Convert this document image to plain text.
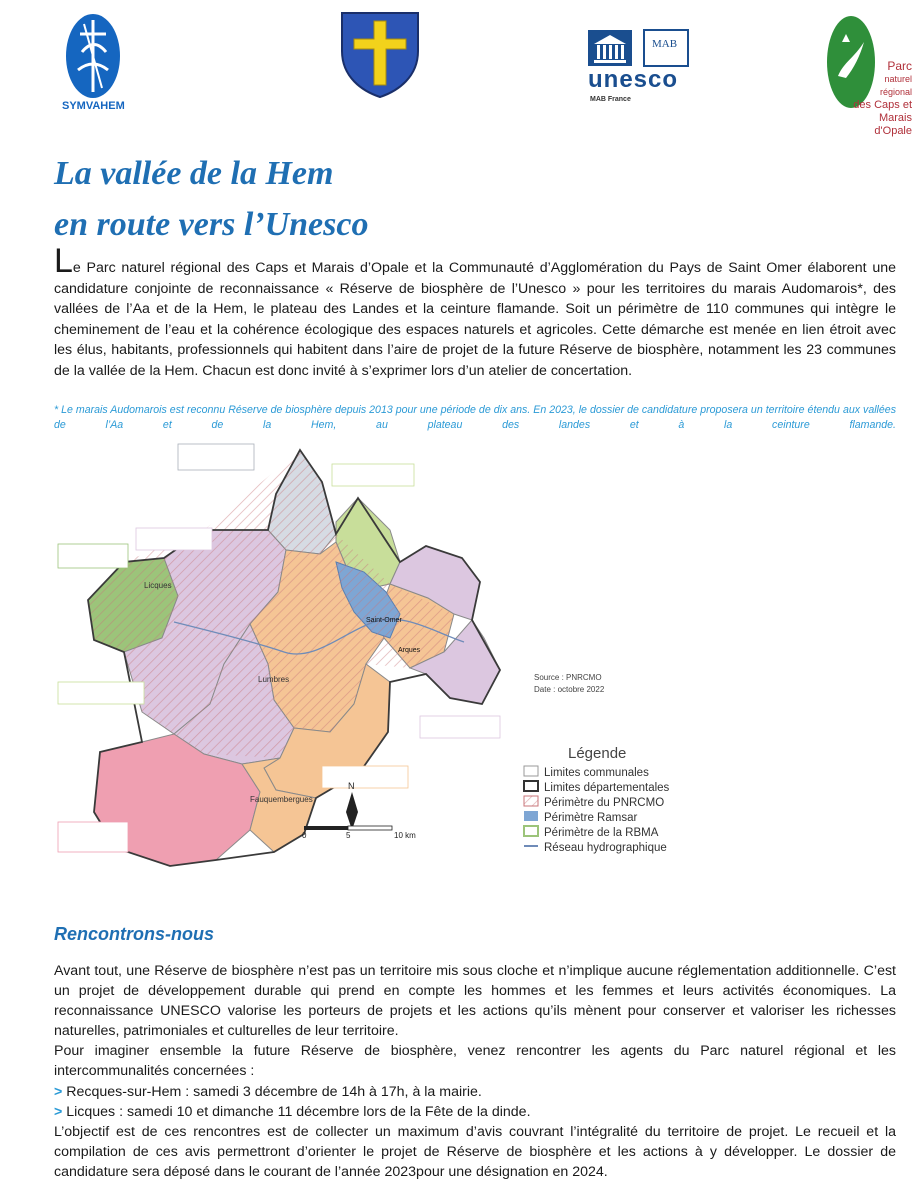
SYMVAHEM
MAB
unesco
MAB France
Parc
naturel
régional
des Caps et
Marais d'Opale
La vallée de la Hem
en route vers l’Unesco

Le Parc naturel régional des Caps et Marais d’Opale et la Communauté d’Agglomération du Pays de Saint Omer élaborent une candidature conjointe de reconnaissance « Réserve de biosphère de l’Unesco » pour les territoires du marais Audomarois*, des vallées de l’Aa et de la Hem, le plateau des Landes et la ceinture flamande. Soit un périmètre de 110 communes qui intègre le cheminement de l’eau et la cohérence écologique des espaces naturels et agricoles. Cette démarche est menée en lien étroit avec les élus, habitants, professionnels qui habitent dans l’aire de projet de la future Réserve de biosphère, notamment les 23 communes de la vallée de la Hem. Chacun est donc invité à s’exprimer lors d’un atelier de concertation.

* Le marais Audomarois est reconnu Réserve de biosphère depuis 2013 pour une période de dix ans. En 2023, le dossier de candidature proposera un territoire étendu aux vallées de l’Aa et de la Hem, au plateau des landes et à la ceinture flamande.

Licques
Saint-Omer
Arques
Lumbres
Fauquembergues
Source : PNRCMO
Date : octobre 2022
Légende
Limites communales
Limites départementales
Périmètre du PNRCMO
Périmètre Ramsar
Périmètre de la RBMA
Réseau hydrographique
N
0	5	10 km
Rencontrons-nous

Avant tout, une Réserve de biosphère n’est pas un territoire mis sous cloche et n’implique aucune réglementation additionnelle. C’est un projet de développement durable qui prend en compte les hommes et les femmes et leurs activités économiques. La reconnaissance UNESCO valorise les porteurs de projets et les actions qu’ils mènent pour conserver et valoriser les richesses naturelles, patrimoniales et culturelles de leur territoire.

Pour imaginer ensemble la future Réserve de biosphère, venez rencontrer les agents du Parc naturel régional et les intercommunalités concernées :

> Recques-sur-Hem : samedi 3 décembre de 14h à 17h, à la mairie.

> Licques : samedi 10 et dimanche 11 décembre lors de la Fête de la dinde.

L’objectif est de ces rencontres est de collecter un maximum d’avis couvrant l’intégralité du territoire de projet. Le recueil et la compilation de ces avis permettront d’orienter le projet de Réserve de biosphère et les actions à y développer. Le dossier de candidature sera déposé dans le courant de l’année 2023pour une désignation en 2024.
